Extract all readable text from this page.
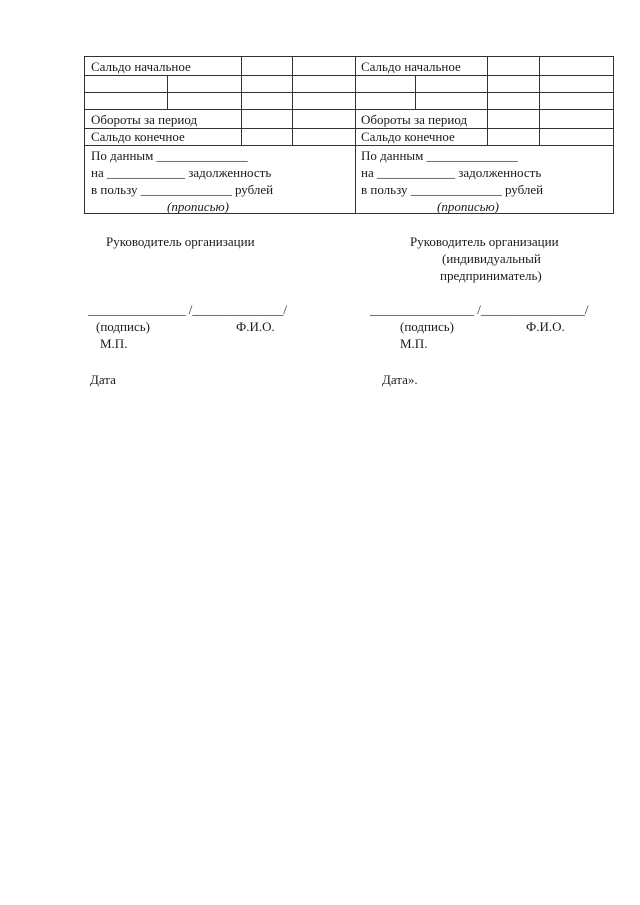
Сальдо начальное
Обороты за период
Сальдо конечное
По данным ______________
на ____________ задолженность
в пользу ______________ рублей
(прописью)
Сальдо начальное
Обороты за период
Сальдо конечное
По данным ______________
на ____________ задолженность
в пользу ______________ рублей
(прописью)
Руководитель организации
_______________ /______________/
(подпись)	Ф.И.О.
М.П.
Дата
Руководитель организации
(индивидуальный
предприниматель)
________________ /________________/
(подпись)	Ф.И.О.
М.П.
Дата».
